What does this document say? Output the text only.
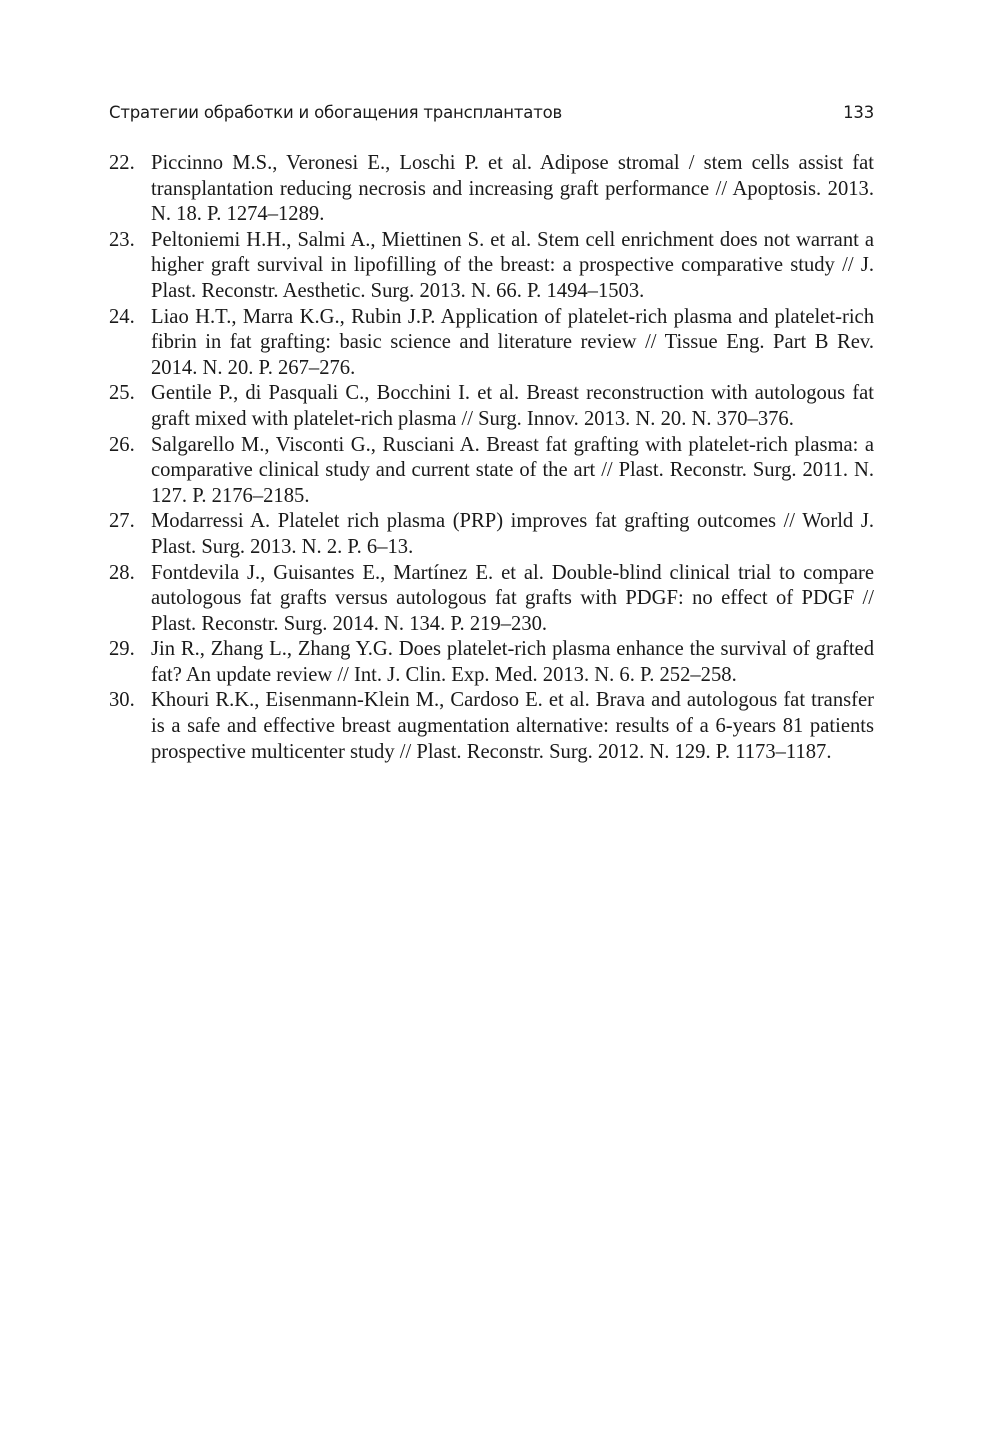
Стратегии обработки и обогащения трансплантатов	133
22. Piccinno M.S., Veronesi E., Loschi P. et al. Adipose stromal / stem cells assist fat transplantation reducing necrosis and increasing graft performance // Apoptosis. 2013. N. 18. P. 1274–1289.
23. Peltoniemi H.H., Salmi A., Miettinen S. et al. Stem cell enrichment does not warrant a higher graft survival in lipofilling of the breast: a prospective comparative study // J. Plast. Reconstr. Aesthetic. Surg. 2013. N. 66. P. 1494–1503.
24. Liao H.T., Marra K.G., Rubin J.P. Application of platelet-rich plasma and platelet-rich fibrin in fat grafting: basic science and literature review // Tissue Eng. Part B Rev. 2014. N. 20. P. 267–276.
25. Gentile P., di Pasquali C., Bocchini I. et al. Breast reconstruction with autologous fat graft mixed with platelet-rich plasma // Surg. Innov. 2013. N. 20. N. 370–376.
26. Salgarello M., Visconti G., Rusciani A. Breast fat grafting with platelet-rich plasma: a comparative clinical study and current state of the art // Plast. Reconstr. Surg. 2011. N. 127. P. 2176–2185.
27. Modarressi A. Platelet rich plasma (PRP) improves fat grafting outcomes // World J. Plast. Surg. 2013. N. 2. P. 6–13.
28. Fontdevila J., Guisantes E., Martínez E. et al. Double-blind clinical trial to compare autologous fat grafts versus autologous fat grafts with PDGF: no effect of PDGF // Plast. Reconstr. Surg. 2014. N. 134. P. 219–230.
29. Jin R., Zhang L., Zhang Y.G. Does platelet-rich plasma enhance the survival of grafted fat? An update review // Int. J. Clin. Exp. Med. 2013. N. 6. P. 252–258.
30. Khouri R.K., Eisenmann-Klein M., Cardoso E. et al. Brava and autologous fat transfer is a safe and effective breast augmentation alternative: results of a 6-years 81 patients prospective multicenter study // Plast. Reconstr. Surg. 2012. N. 129. P. 1173–1187.
